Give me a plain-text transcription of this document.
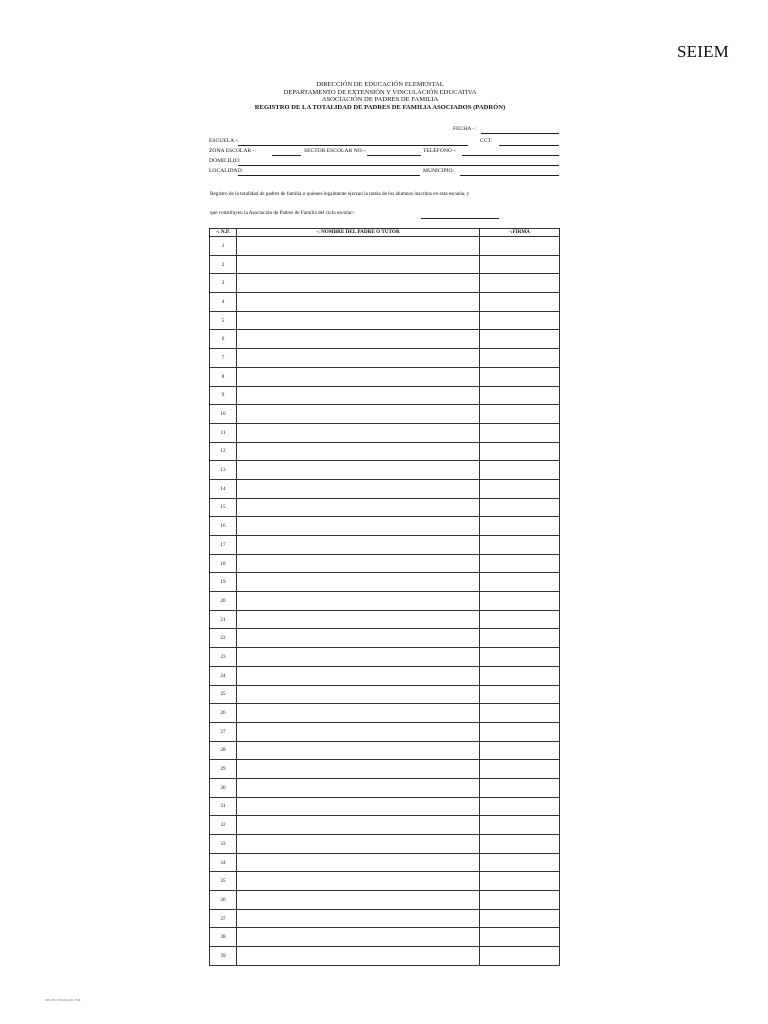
SEIEM
DIRECCIÓN DE EDUCACIÓN ELEMENTAL
DEPARTAMENTO DE EXTENSIÓN Y VINCULACIÓN EDUCATIVA
ASOCIACIÓN DE PADRES DE FAMILIA
REGISTRO DE LA TOTALIDAD DE PADRES DE FAMILIA ASOCIADOS (PADRÓN)
FECHA -:
ESCUELA -:	CCT:
ZONA ESCOLAR -:	SECTOR ESCOLAR NO.-:	TELÉFONO -:
DOMICILIO:
LOCALIDAD:	MUNICIPIO:
Registro de la totalidad de padres de familia o quienes legalmente ejerzan la tutela de los alumnos inscritos en esta escuela, y
que constituyen la Asociación de Padres de Familia del ciclo escolar:-
-: N.P.	-: NOMBRE DEL PADRE O TUTOR	-:FIRMA
1		
2		
3		
4		
5		
6		
7		
8		
9		
10		
11		
12		
13		
14		
15		
16		
17		
18		
19		
20		
21		
22		
23		
24		
25		
26		
27		
28		
29		
30		
31		
32		
33		
34		
35		
36		
37		
38		
39		
DFA-FO-Y-08-08-2011-7504
